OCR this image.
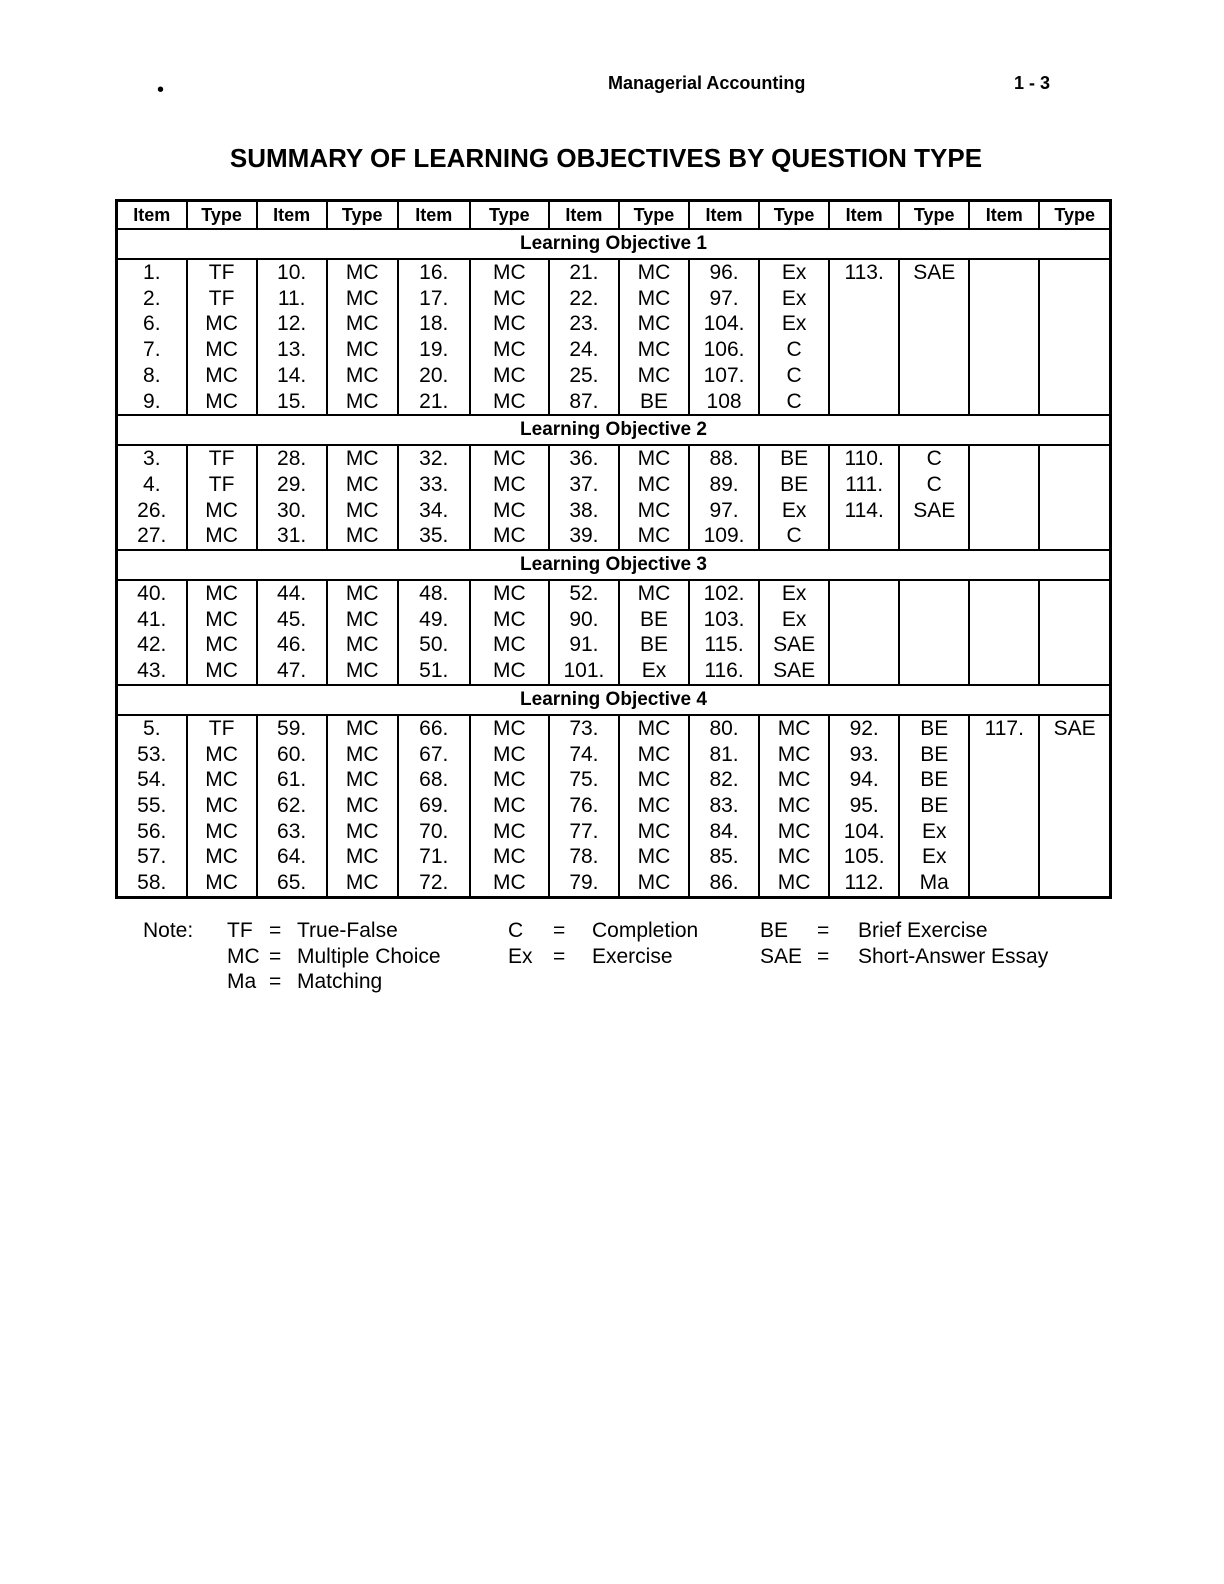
•	Managerial Accounting	1 - 3
SUMMARY OF LEARNING OBJECTIVES BY QUESTION TYPE
Item	Type	Item	Type	Item	Type	Item	Type	Item	Type	Item	Type	Item	Type
Learning Objective 1													
1.	TF	10.	MC	16.	MC	21.	MC	96.	Ex	113.	SAE		
2.	TF	11.	MC	17.	MC	22.	MC	97.	Ex				
6.	MC	12.	MC	18.	MC	23.	MC	104.	Ex				
7.	MC	13.	MC	19.	MC	24.	MC	106.	C				
8.	MC	14.	MC	20.	MC	25.	MC	107.	C				
9.	MC	15.	MC	21.	MC	87.	BE	108	C				
Learning Objective 2													
3.	TF	28.	MC	32.	MC	36.	MC	88.	BE	110.	C		
4.	TF	29.	MC	33.	MC	37.	MC	89.	BE	111.	C		
26.	MC	30.	MC	34.	MC	38.	MC	97.	Ex	114.	SAE		
27.	MC	31.	MC	35.	MC	39.	MC	109.	C				
Learning Objective 3													
40.	MC	44.	MC	48.	MC	52.	MC	102.	Ex				
41.	MC	45.	MC	49.	MC	90.	BE	103.	Ex				
42.	MC	46.	MC	50.	MC	91.	BE	115.	SAE				
43.	MC	47.	MC	51.	MC	101.	Ex	116.	SAE				
Learning Objective 4													
5.	TF	59.	MC	66.	MC	73.	MC	80.	MC	92.	BE	117.	SAE
53.	MC	60.	MC	67.	MC	74.	MC	81.	MC	93.	BE		
54.	MC	61.	MC	68.	MC	75.	MC	82.	MC	94.	BE		
55.	MC	62.	MC	69.	MC	76.	MC	83.	MC	95.	BE		
56.	MC	63.	MC	70.	MC	77.	MC	84.	MC	104.	Ex		
57.	MC	64.	MC	71.	MC	78.	MC	85.	MC	105.	Ex		
58.	MC	65.	MC	72.	MC	79.	MC	86.	MC	112.	Ma		
Note: TF = True-False
MC = Multiple Choice
Ma = Matching
C = Completion
Ex = Exercise
BE = Brief Exercise
SAE = Short-Answer Essay
